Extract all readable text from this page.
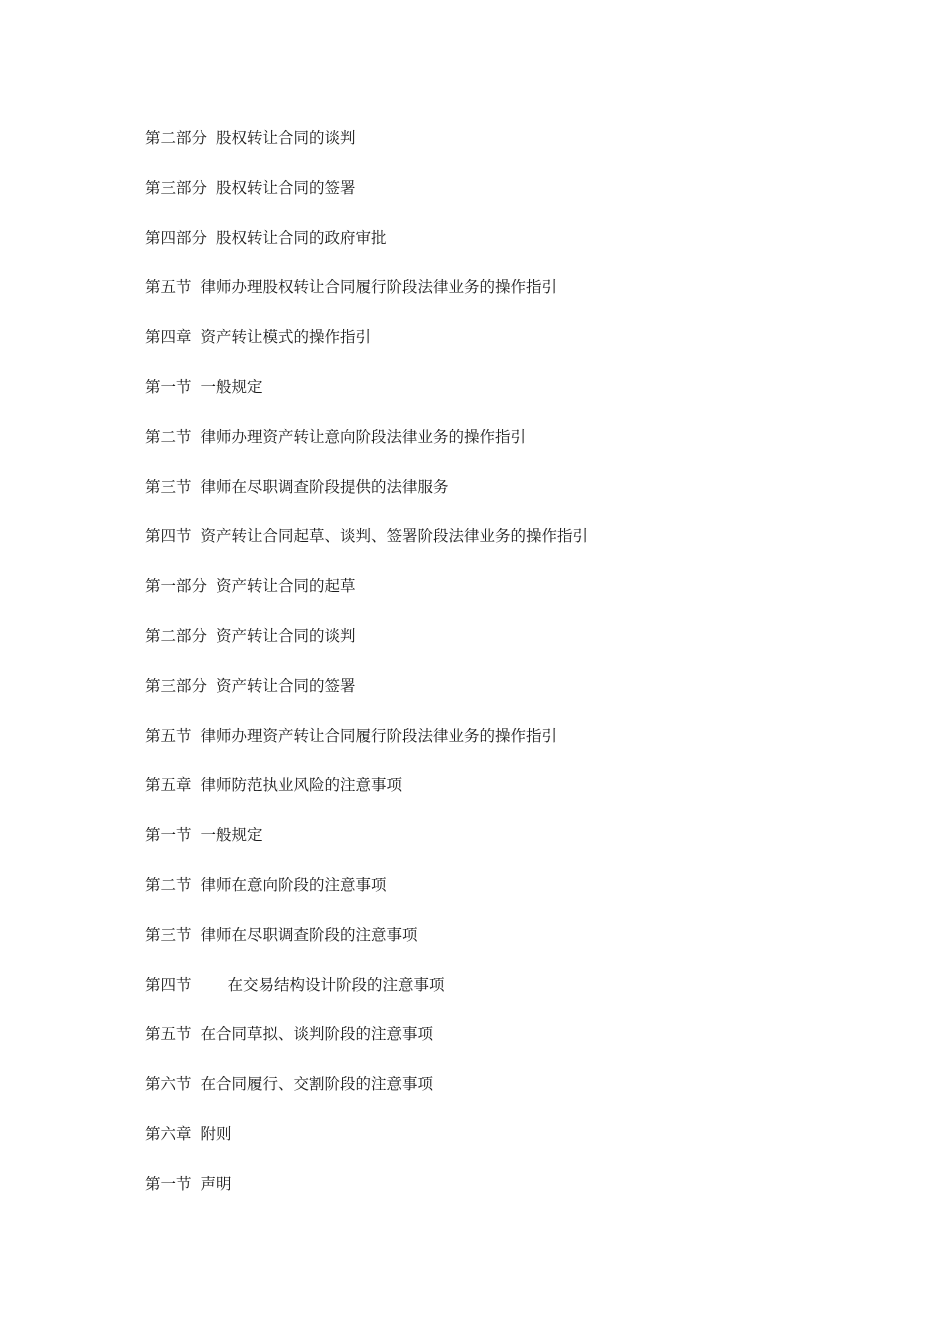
第二部分 股权转让合同的谈判
第三部分 股权转让合同的签署
第四部分 股权转让合同的政府审批
第五节 律师办理股权转让合同履行阶段法律业务的操作指引
第四章 资产转让模式的操作指引
第一节 一般规定
第二节 律师办理资产转让意向阶段法律业务的操作指引
第三节 律师在尽职调查阶段提供的法律服务
第四节 资产转让合同起草、谈判、签署阶段法律业务的操作指引
第一部分 资产转让合同的起草
第二部分 资产转让合同的谈判
第三部分 资产转让合同的签署
第五节 律师办理资产转让合同履行阶段法律业务的操作指引
第五章 律师防范执业风险的注意事项
第一节 一般规定
第二节 律师在意向阶段的注意事项
第三节 律师在尽职调查阶段的注意事项
第四节 在交易结构设计阶段的注意事项
第五节 在合同草拟、谈判阶段的注意事项
第六节 在合同履行、交割阶段的注意事项
第六章 附则
第一节 声明
